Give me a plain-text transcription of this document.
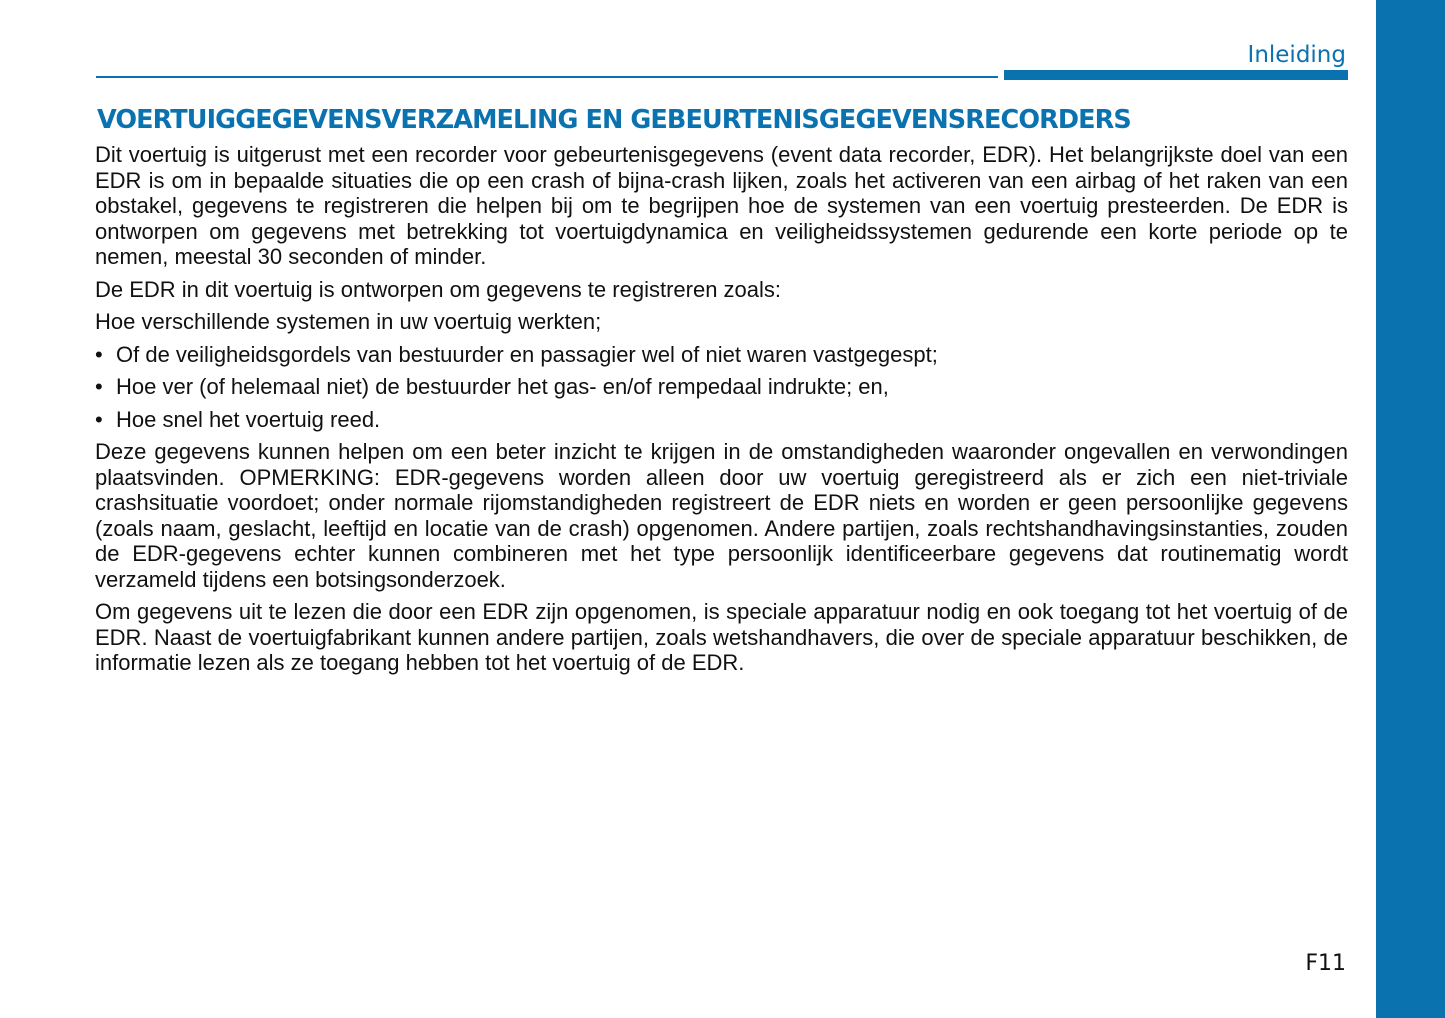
Inleiding
VOERTUIGGEGEVENSVERZAMELING EN GEBEURTENISGEGEVENSRECORDERS

Dit voertuig is uitgerust met een recorder voor gebeurtenisgegevens (event data recorder, EDR). Het belangrijkste doel van een EDR is om in bepaalde situaties die op een crash of bijna-crash lijken, zoals het activeren van een airbag of het raken van een obstakel, gegevens te registreren die helpen bij om te begrijpen hoe de systemen van een voertuig presteerden. De EDR is ontworpen om gegevens met betrekking tot voertuigdynamica en veiligheidssystemen gedurende een korte periode op te nemen, meestal 30 seconden of minder.

De EDR in dit voertuig is ontworpen om gegevens te registreren zoals:

Hoe verschillende systemen in uw voertuig werkten;

• Of de veiligheidsgordels van bestuurder en passagier wel of niet waren vastgegespt;
• Hoe ver (of helemaal niet) de bestuurder het gas- en/of rempedaal indrukte; en,
• Hoe snel het voertuig reed.

Deze gegevens kunnen helpen om een beter inzicht te krijgen in de omstandigheden waaronder ongevallen en verwondingen plaatsvinden. OPMERKING: EDR-gegevens worden alleen door uw voertuig geregistreerd als er zich een niet-triviale crashsituatie voordoet; onder normale rijomstandigheden registreert de EDR niets en worden er geen persoonlijke gegevens (zoals naam, geslacht, leeftijd en locatie van de crash) opgenomen. Andere partijen, zoals rechtshandhavingsinstanties, zouden de EDR-gegevens echter kunnen combineren met het type persoonlijk identificeerbare gegevens dat routinematig wordt verzameld tijdens een botsingsonderzoek.

Om gegevens uit te lezen die door een EDR zijn opgenomen, is speciale apparatuur nodig en ook toegang tot het voertuig of de EDR. Naast de voertuigfabrikant kunnen andere partijen, zoals wetshandhavers, die over de speciale apparatuur beschikken, de informatie lezen als ze toegang hebben tot het voertuig of de EDR.

F11
